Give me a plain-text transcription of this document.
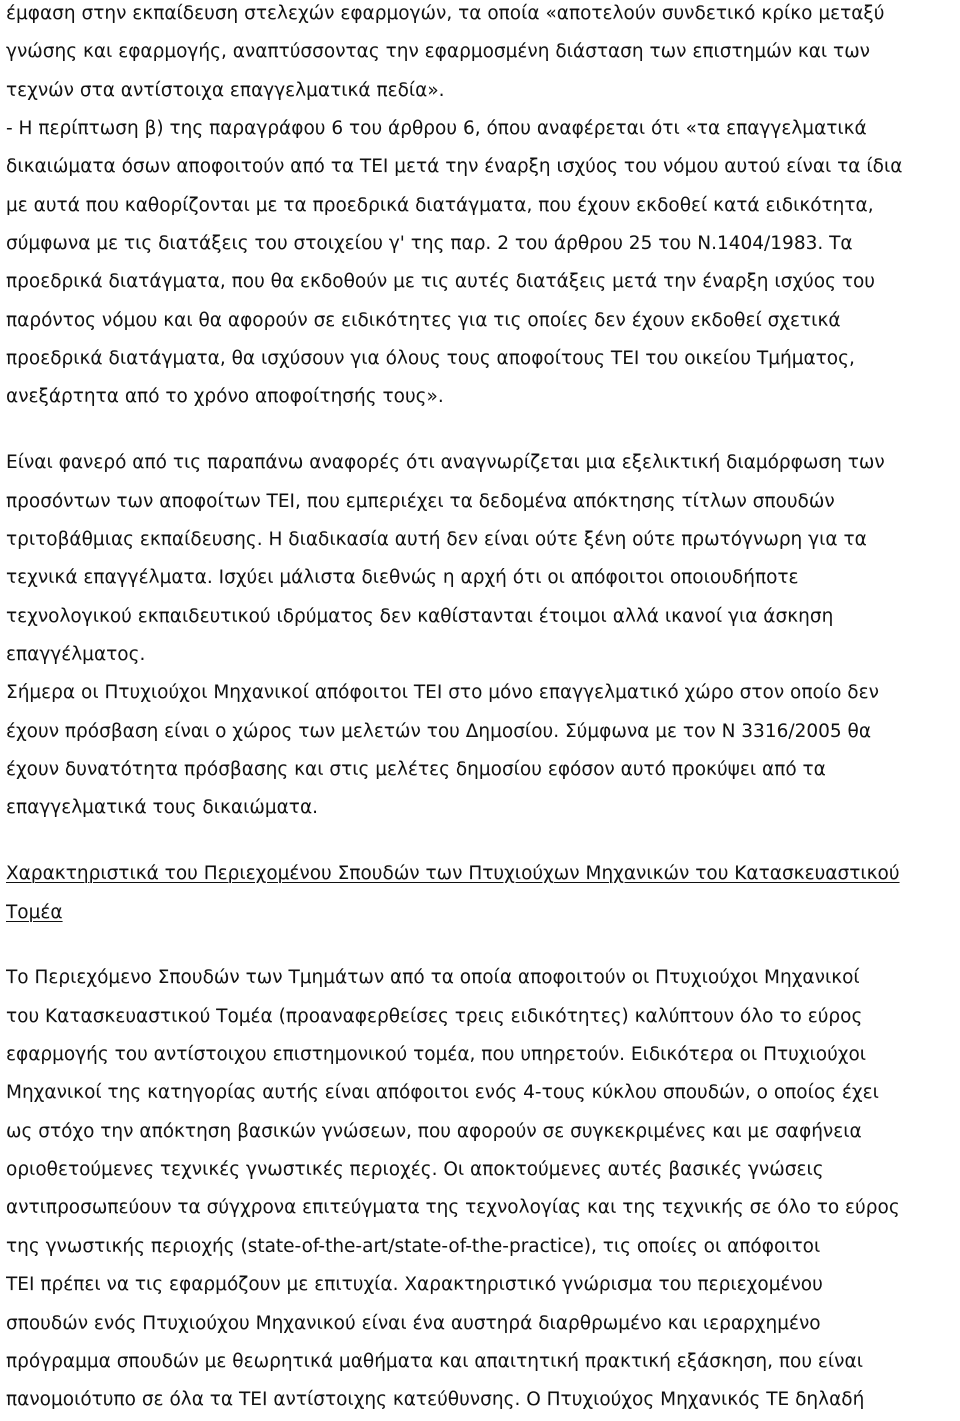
έμφαση στην εκπαίδευση στελεχών εφαρμογών, τα οποία «αποτελούν συνδετικό κρίκο μεταξύ
γνώσης και εφαρμογής, αναπτύσσοντας την εφαρμοσμένη διάσταση των επιστημών και των
τεχνών στα αντίστοιχα επαγγελματικά πεδία».
- Η περίπτωση β) της παραγράφου 6 του άρθρου 6, όπου αναφέρεται ότι «τα επαγγελματικά
δικαιώματα όσων αποφοιτούν από τα ΤΕΙ μετά την έναρξη ισχύος του νόμου αυτού είναι τα ίδια
με αυτά που καθορίζονται με τα προεδρικά διατάγματα, που έχουν εκδοθεί κατά ειδικότητα,
σύμφωνα με τις διατάξεις του στοιχείου γ' της παρ. 2 του άρθρου 25 του Ν.1404/1983. Τα
προεδρικά διατάγματα, που θα εκδοθούν με τις αυτές διατάξεις μετά την έναρξη ισχύος του
παρόντος νόμου και θα αφορούν σε ειδικότητες για τις οποίες δεν έχουν εκδοθεί σχετικά
προεδρικά διατάγματα, θα ισχύσουν για όλους τους αποφοίτους ΤΕΙ του οικείου Τμήματος,
ανεξάρτητα από το χρόνο αποφοίτησής τους».
Είναι φανερό από τις παραπάνω αναφορές ότι αναγνωρίζεται μια εξελικτική διαμόρφωση των
προσόντων των αποφοίτων ΤΕΙ, που εμπεριέχει τα δεδομένα απόκτησης τίτλων σπουδών
τριτοβάθμιας εκπαίδευσης. Η διαδικασία αυτή δεν είναι ούτε ξένη ούτε πρωτόγνωρη για τα
τεχνικά επαγγέλματα. Ισχύει μάλιστα διεθνώς η αρχή ότι οι απόφοιτοι οποιουδήποτε
τεχνολογικού εκπαιδευτικού ιδρύματος δεν καθίστανται έτοιμοι αλλά ικανοί για άσκηση
επαγγέλματος.
Σήμερα οι Πτυχιούχοι Μηχανικοί απόφοιτοι ΤΕΙ στο μόνο επαγγελματικό χώρο στον οποίο δεν
έχουν πρόσβαση είναι ο χώρος των μελετών του Δημοσίου. Σύμφωνα με τον Ν 3316/2005 θα
έχουν δυνατότητα πρόσβασης και στις μελέτες δημοσίου εφόσον αυτό προκύψει από τα
επαγγελματικά τους δικαιώματα.
Χαρακτηριστικά του Περιεχομένου Σπουδών των Πτυχιούχων Μηχανικών του Κατασκευαστικού
Τομέα
Το Περιεχόμενο Σπουδών των Τμημάτων από τα οποία αποφοιτούν οι Πτυχιούχοι Μηχανικοί
του Κατασκευαστικού Τομέα (προαναφερθείσες τρεις ειδικότητες) καλύπτουν όλο το εύρος
εφαρμογής του αντίστοιχου επιστημονικού τομέα, που υπηρετούν. Ειδικότερα οι Πτυχιούχοι
Μηχανικοί της κατηγορίας αυτής είναι απόφοιτοι ενός 4-τους κύκλου σπουδών, ο οποίος έχει
ως στόχο την απόκτηση βασικών γνώσεων, που αφορούν σε συγκεκριμένες και με σαφήνεια
οριοθετούμενες τεχνικές γνωστικές περιοχές. Οι αποκτούμενες αυτές βασικές γνώσεις
αντιπροσωπεύουν τα σύγχρονα επιτεύγματα της τεχνολογίας και της τεχνικής σε όλο το εύρος
της γνωστικής περιοχής (state-of-the-art/state-of-the-practice), τις οποίες οι απόφοιτοι
ΤΕΙ πρέπει να τις εφαρμόζουν με επιτυχία. Χαρακτηριστικό γνώρισμα του περιεχομένου
σπουδών ενός Πτυχιούχου Μηχανικού είναι ένα αυστηρά διαρθρωμένο και ιεραρχημένο
πρόγραμμα σπουδών με θεωρητικά μαθήματα και απαιτητική πρακτική εξάσκηση, που είναι
πανομοιότυπο σε όλα τα ΤΕΙ αντίστοιχης κατεύθυνσης. Ο Πτυχιούχος Μηχανικός ΤΕ δηλαδή
